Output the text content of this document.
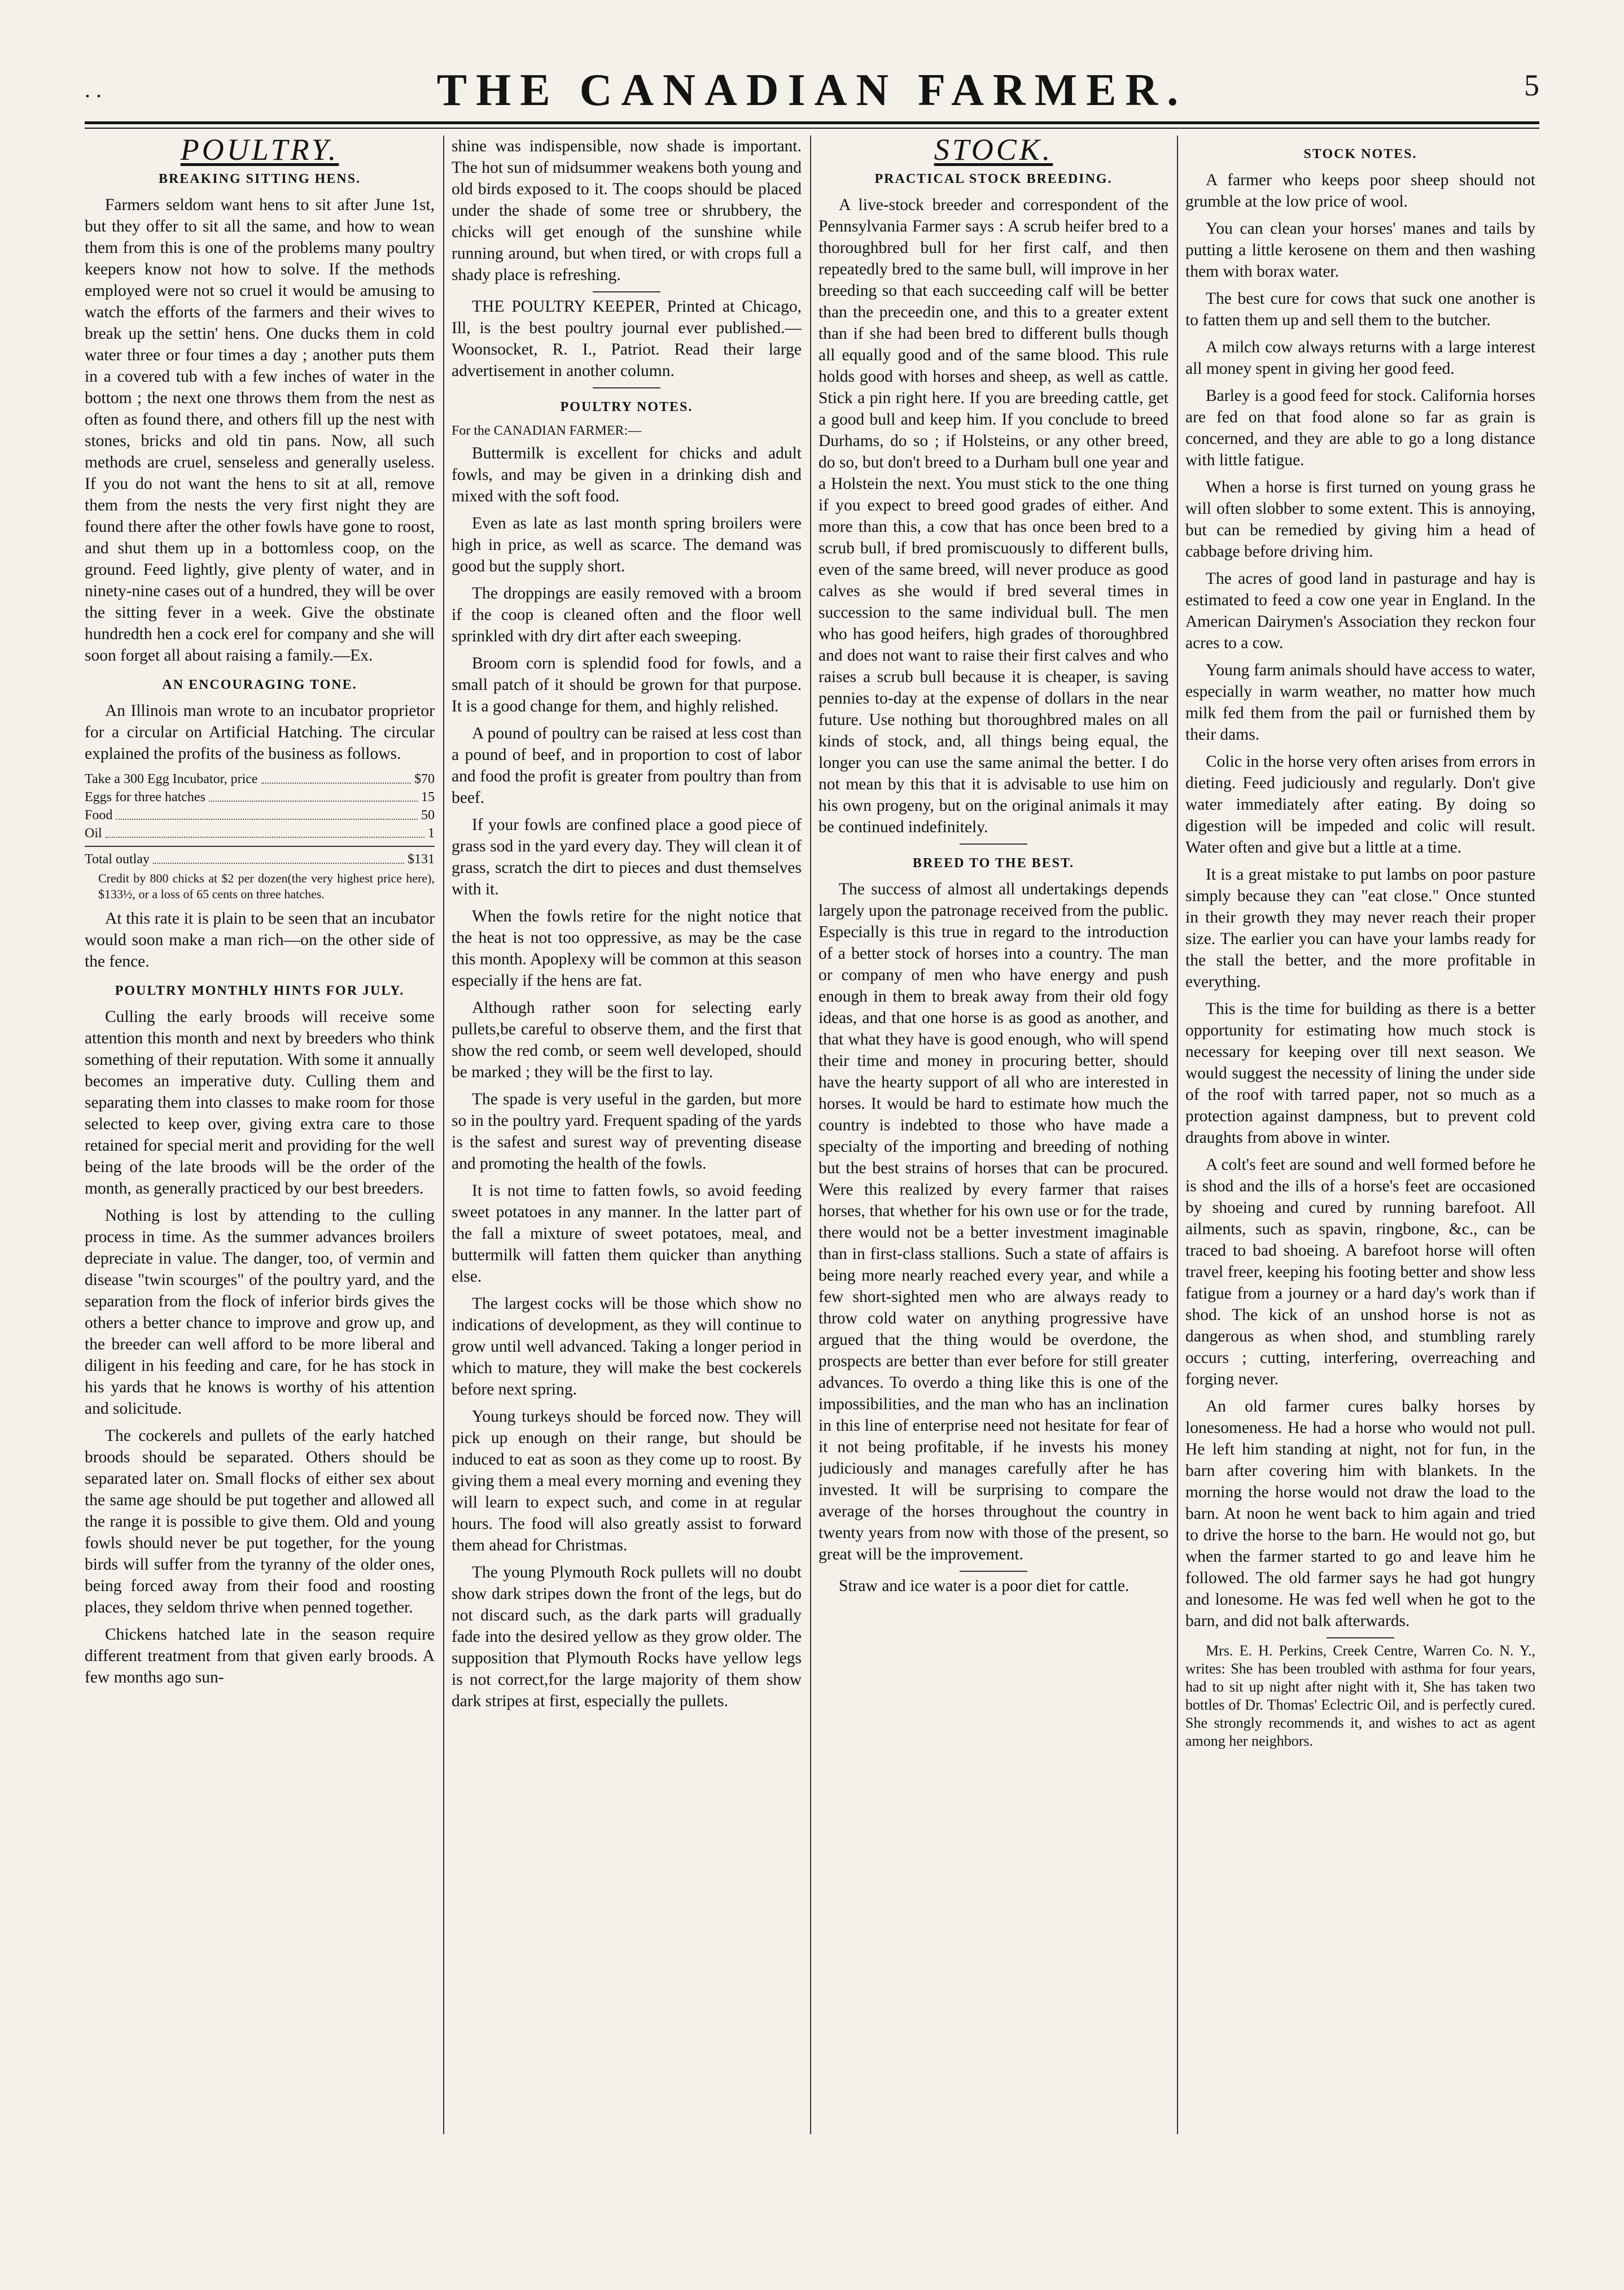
. .	THE CANADIAN FARMER.	5
POULTRY.
BREAKING SITTING HENS.

Farmers seldom want hens to sit after June 1st, but they offer to sit all the same, and how to wean them from this is one of the problems many poultry keepers know not how to solve. If the methods employed were not so cruel it would be amusing to watch the efforts of the farmers and their wives to break up the settin' hens. One ducks them in cold water three or four times a day ; another puts them in a covered tub with a few inches of water in the bottom ; the next one throws them from the nest as often as found there, and others fill up the nest with stones, bricks and old tin pans. Now, all such methods are cruel, senseless and generally useless. If you do not want the hens to sit at all, remove them from the nests the very first night they are found there after the other fowls have gone to roost, and shut them up in a bottomless coop, on the ground. Feed lightly, give plenty of water, and in ninety-nine cases out of a hundred, they will be over the sitting fever in a week. Give the obstinate hundredth hen a cock erel for company and she will soon forget all about raising a family.—Ex.

AN ENCOURAGING TONE.

An Illinois man wrote to an incubator proprietor for a circular on Artificial Hatching. The circular explained the profits of the business as follows.

Take a 300 Egg Incubator, price	$70
Eggs for three hatches	15
Food	50
Oil	1
Total outlay	$131
Credit by 800 chicks at $2 per dozen(the very highest price here), $133½, or a loss of 65 cents on three hatches.

At this rate it is plain to be seen that an incubator would soon make a man rich—on the other side of the fence.

POULTRY MONTHLY HINTS FOR JULY.

Culling the early broods will receive some attention this month and next by breeders who think something of their reputation. With some it annually becomes an imperative duty. Culling them and separating them into classes to make room for those selected to keep over, giving extra care to those retained for special merit and providing for the well being of the late broods will be the order of the month, as generally practiced by our best breeders.

Nothing is lost by attending to the culling process in time. As the summer advances broilers depreciate in value. The danger, too, of vermin and disease "twin scourges" of the poultry yard, and the separation from the flock of inferior birds gives the others a better chance to improve and grow up, and the breeder can well afford to be more liberal and diligent in his feeding and care, for he has stock in his yards that he knows is worthy of his attention and solicitude.

The cockerels and pullets of the early hatched broods should be separated. Others should be separated later on. Small flocks of either sex about the same age should be put together and allowed all the range it is possible to give them. Old and young fowls should never be put together, for the young birds will suffer from the tyranny of the older ones, being forced away from their food and roosting places, they seldom thrive when penned together.

Chickens hatched late in the season require different treatment from that given early broods. A few months ago sun-

shine was indispensible, now shade is important. The hot sun of midsummer weakens both young and old birds exposed to it. The coops should be placed under the shade of some tree or shrubbery, the chicks will get enough of the sunshine while running around, but when tired, or with crops full a shady place is refreshing.

THE POULTRY KEEPER, Printed at Chicago, Ill, is the best poultry journal ever published.—Woonsocket, R. I., Patriot. Read their large advertisement in another column.

POULTRY NOTES.
For the CANADIAN FARMER:—

Buttermilk is excellent for chicks and adult fowls, and may be given in a drinking dish and mixed with the soft food.

Even as late as last month spring broilers were high in price, as well as scarce. The demand was good but the supply short.

The droppings are easily removed with a broom if the coop is cleaned often and the floor well sprinkled with dry dirt after each sweeping.

Broom corn is splendid food for fowls, and a small patch of it should be grown for that purpose. It is a good change for them, and highly relished.

A pound of poultry can be raised at less cost than a pound of beef, and in proportion to cost of labor and food the profit is greater from poultry than from beef.

If your fowls are confined place a good piece of grass sod in the yard every day. They will clean it of grass, scratch the dirt to pieces and dust themselves with it.

When the fowls retire for the night notice that the heat is not too oppressive, as may be the case this month. Apoplexy will be common at this season especially if the hens are fat.

Although rather soon for selecting early pullets,be careful to observe them, and the first that show the red comb, or seem well developed, should be marked ; they will be the first to lay.

The spade is very useful in the garden, but more so in the poultry yard. Frequent spading of the yards is the safest and surest way of preventing disease and promoting the health of the fowls.

It is not time to fatten fowls, so avoid feeding sweet potatoes in any manner. In the latter part of the fall a mixture of sweet potatoes, meal, and buttermilk will fatten them quicker than anything else.

The largest cocks will be those which show no indications of development, as they will continue to grow until well advanced. Taking a longer period in which to mature, they will make the best cockerels before next spring.

Young turkeys should be forced now. They will pick up enough on their range, but should be induced to eat as soon as they come up to roost. By giving them a meal every morning and evening they will learn to expect such, and come in at regular hours. The food will also greatly assist to forward them ahead for Christmas.

The young Plymouth Rock pullets will no doubt show dark stripes down the front of the legs, but do not discard such, as the dark parts will gradually fade into the desired yellow as they grow older. The supposition that Plymouth Rocks have yellow legs is not correct,for the large majority of them show dark stripes at first, especially the pullets.

STOCK.
PRACTICAL STOCK BREEDING.

A live-stock breeder and correspondent of the Pennsylvania Farmer says : A scrub heifer bred to a thoroughbred bull for her first calf, and then repeatedly bred to the same bull, will improve in her breeding so that each succeeding calf will be better than the preceedin one, and this to a greater extent than if she had been bred to different bulls though all equally good and of the same blood. This rule holds good with horses and sheep, as well as cattle. Stick a pin right here. If you are breeding cattle, get a good bull and keep him. If you conclude to breed Durhams, do so ; if Holsteins, or any other breed, do so, but don't breed to a Durham bull one year and a Holstein the next. You must stick to the one thing if you expect to breed good grades of either. And more than this, a cow that has once been bred to a scrub bull, if bred promiscuously to different bulls, even of the same breed, will never produce as good calves as she would if bred several times in succession to the same individual bull. The men who has good heifers, high grades of thoroughbred and does not want to raise their first calves and who raises a scrub bull because it is cheaper, is saving pennies to-day at the expense of dollars in the near future. Use nothing but thoroughbred males on all kinds of stock, and, all things being equal, the longer you can use the same animal the better. I do not mean by this that it is advisable to use him on his own progeny, but on the original animals it may be continued indefinitely.

BREED TO THE BEST.

The success of almost all undertakings depends largely upon the patronage received from the public. Especially is this true in regard to the introduction of a better stock of horses into a country. The man or company of men who have energy and push enough in them to break away from their old fogy ideas, and that one horse is as good as another, and that what they have is good enough, who will spend their time and money in procuring better, should have the hearty support of all who are interested in horses. It would be hard to estimate how much the country is indebted to those who have made a specialty of the importing and breeding of nothing but the best strains of horses that can be procured. Were this realized by every farmer that raises horses, that whether for his own use or for the trade, there would not be a better investment imaginable than in first-class stallions. Such a state of affairs is being more nearly reached every year, and while a few short-sighted men who are always ready to throw cold water on anything progressive have argued that the thing would be overdone, the prospects are better than ever before for still greater advances. To overdo a thing like this is one of the impossibilities, and the man who has an inclination in this line of enterprise need not hesitate for fear of it not being profitable, if he invests his money judiciously and manages carefully after he has invested. It will be surprising to compare the average of the horses throughout the country in twenty years from now with those of the present, so great will be the improvement.

Straw and ice water is a poor diet for cattle.

STOCK NOTES.

A farmer who keeps poor sheep should not grumble at the low price of wool.

You can clean your horses' manes and tails by putting a little kerosene on them and then washing them with borax water.

The best cure for cows that suck one another is to fatten them up and sell them to the butcher.

A milch cow always returns with a large interest all money spent in giving her good feed.

Barley is a good feed for stock. California horses are fed on that food alone so far as grain is concerned, and they are able to go a long distance with little fatigue.

When a horse is first turned on young grass he will often slobber to some extent. This is annoying, but can be remedied by giving him a head of cabbage before driving him.

The acres of good land in pasturage and hay is estimated to feed a cow one year in England. In the American Dairymen's Association they reckon four acres to a cow.

Young farm animals should have access to water, especially in warm weather, no matter how much milk fed them from the pail or furnished them by their dams.

Colic in the horse very often arises from errors in dieting. Feed judiciously and regularly. Don't give water immediately after eating. By doing so digestion will be impeded and colic will result. Water often and give but a little at a time.

It is a great mistake to put lambs on poor pasture simply because they can "eat close." Once stunted in their growth they may never reach their proper size. The earlier you can have your lambs ready for the stall the better, and the more profitable in everything.

This is the time for building as there is a better opportunity for estimating how much stock is necessary for keeping over till next season. We would suggest the necessity of lining the under side of the roof with tarred paper, not so much as a protection against dampness, but to prevent cold draughts from above in winter.

A colt's feet are sound and well formed before he is shod and the ills of a horse's feet are occasioned by shoeing and cured by running barefoot. All ailments, such as spavin, ringbone, &c., can be traced to bad shoeing. A barefoot horse will often travel freer, keeping his footing better and show less fatigue from a journey or a hard day's work than if shod. The kick of an unshod horse is not as dangerous as when shod, and stumbling rarely occurs ; cutting, interfering, overreaching and forging never.

An old farmer cures balky horses by lonesomeness. He had a horse who would not pull. He left him standing at night, not for fun, in the barn after covering him with blankets. In the morning the horse would not draw the load to the barn. At noon he went back to him again and tried to drive the horse to the barn. He would not go, but when the farmer started to go and leave him he followed. The old farmer says he had got hungry and lonesome. He was fed well when he got to the barn, and did not balk afterwards.

Mrs. E. H. Perkins, Creek Centre, Warren Co. N. Y., writes: She has been troubled with asthma for four years, had to sit up night after night with it, She has taken two bottles of Dr. Thomas' Eclectric Oil, and is perfectly cured. She strongly recommends it, and wishes to act as agent among her neighbors.
